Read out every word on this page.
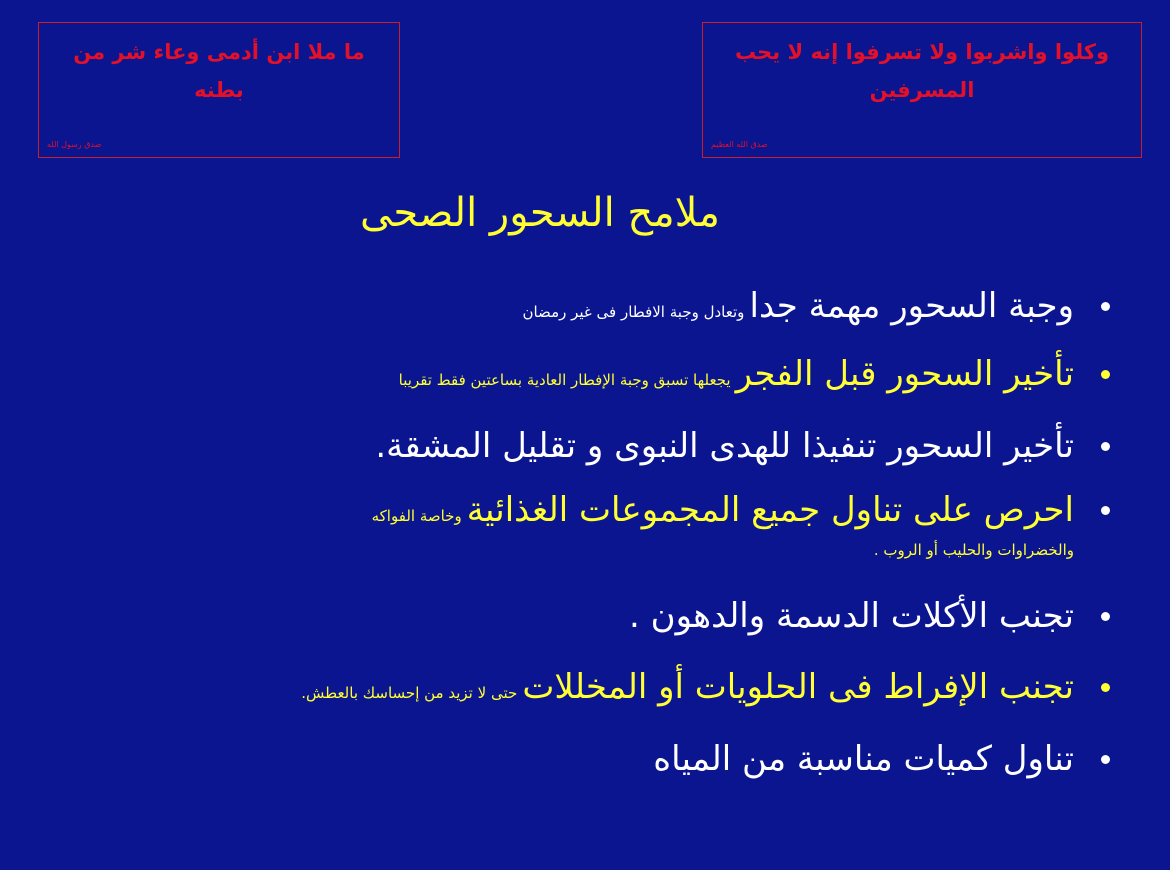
ما ملا ابن أدمى وعاء شر من بطنه
صدق رسول الله
وكلوا واشربوا ولا تسرفوا إنه لا يحب المسرفين
صدق الله العظيم
ملامح السحور الصحى
وجبة السحور مهمة جدا وتعادل وجبة الافطار فى غير رمضان
تأخير السحور قبل الفجر يجعلها تسبق وجبة الإفطار العادية بساعتين فقط تقريبا
تأخير السحور تنفيذا للهدى النبوى و تقليل المشقة.
احرص على تناول جميع المجموعات الغذائية وخاصة الفواكه
والخضراوات والحليب أو الروب .
تجنب الأكلات الدسمة والدهون .
تجنب الإفراط فى الحلويات أو المخللات حتى لا تزيد من إحساسك بالعطش.
تناول كميات مناسبة من المياه
